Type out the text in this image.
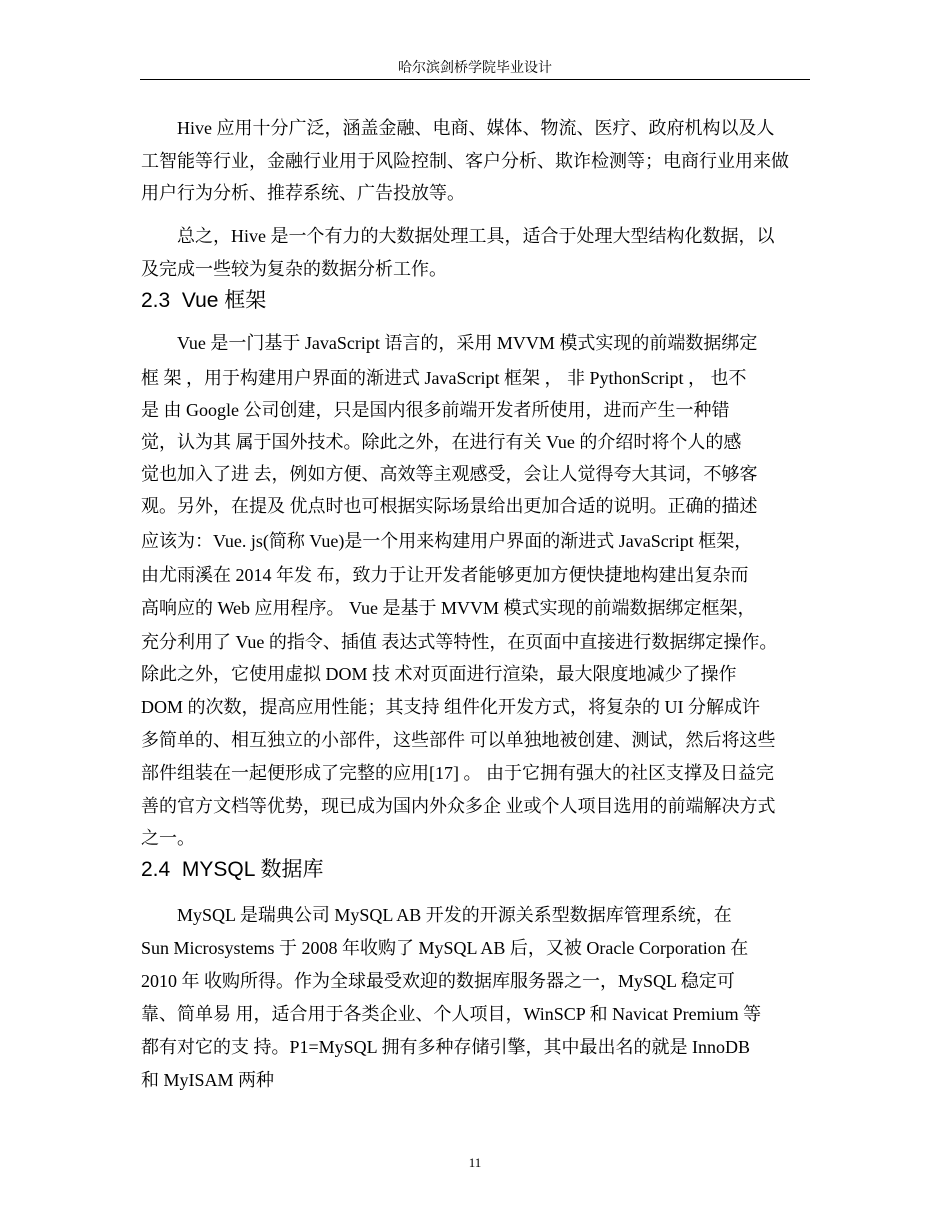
哈尔滨剑桥学院毕业设计
Hive 应用十分广泛，涵盖金融、电商、媒体、物流、医疗、政府机构以及人
工智能等行业，金融行业用于风险控制、客户分析、欺诈检测等；电商行业用来做
用户行为分析、推荐系统、广告投放等。
总之，Hive 是一个有力的大数据处理工具，适合于处理大型结构化数据，以
及完成一些较为复杂的数据分析工作。
2.3 Vue 框架
Vue 是一门基于 JavaScript 语言的，采用 MVVM 模式实现的前端数据绑定
框 架 ，用于构建用户界面的渐进式 JavaScript 框架 ， 非 PythonScript ， 也不
是 由 Google 公司创建，只是国内很多前端开发者所使用，进而产生一种错
觉，认为其 属于国外技术。除此之外，在进行有关 Vue 的介绍时将个人的感
觉也加入了进 去，例如方便、高效等主观感受，会让人觉得夸大其词，不够客
观。另外，在提及 优点时也可根据实际场景给出更加合适的说明。正确的描述
应该为：Vue. js(简称 Vue)是一个用来构建用户界面的渐进式 JavaScript 框架，
由尤雨溪在 2014 年发 布，致力于让开发者能够更加方便快捷地构建出复杂而
高响应的 Web 应用程序。 Vue 是基于 MVVM 模式实现的前端数据绑定框架，
充分利用了 Vue 的指令、插值 表达式等特性，在页面中直接进行数据绑定操作。
除此之外，它使用虚拟 DOM 技 术对页面进行渲染，最大限度地减少了操作
DOM 的次数，提高应用性能；其支持 组件化开发方式，将复杂的 UI 分解成许
多简单的、相互独立的小部件，这些部件 可以单独地被创建、测试，然后将这些
部件组装在一起便形成了完整的应用[17] 。 由于它拥有强大的社区支撑及日益完
善的官方文档等优势，现已成为国内外众多企 业或个人项目选用的前端解决方式
之一。
2.4 MYSQL 数据库
MySQL 是瑞典公司 MySQL AB 开发的开源关系型数据库管理系统，在
Sun Microsystems 于 2008 年收购了 MySQL AB 后，又被 Oracle Corporation 在
2010 年 收购所得。作为全球最受欢迎的数据库服务器之一，MySQL 稳定可
靠、简单易 用，适合用于各类企业、个人项目，WinSCP 和 Navicat Premium 等
都有对它的支 持。P1=MySQL 拥有多种存储引擎，其中最出名的就是 InnoDB
和 MyISAM 两种
11
